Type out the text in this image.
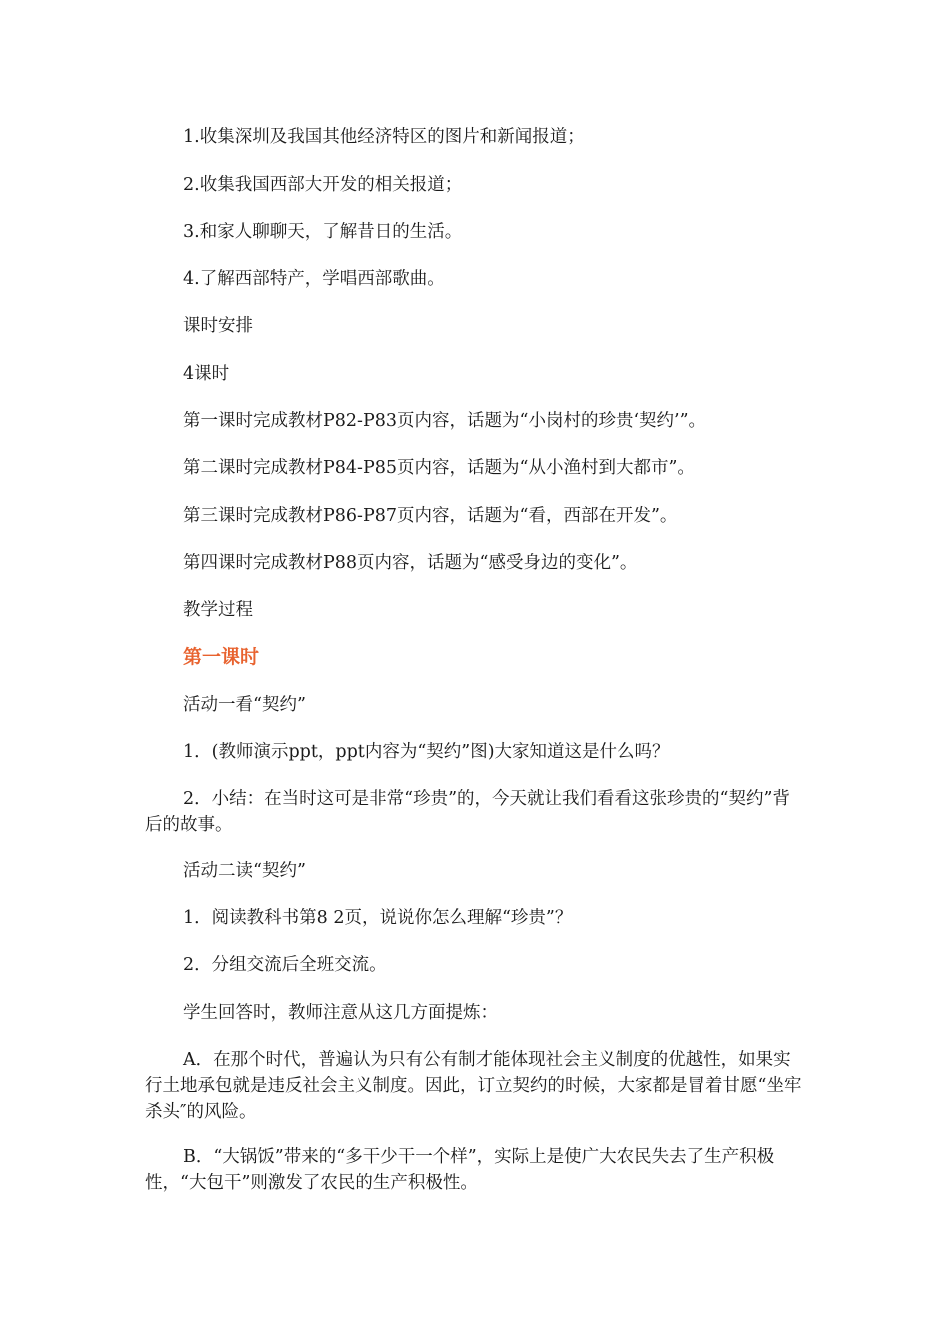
1.收集深圳及我国其他经济特区的图片和新闻报道；

2.收集我国西部大开发的相关报道；

3.和家人聊聊天，了解昔日的生活。

4.了解西部特产，学唱西部歌曲。

课时安排

4课时

第一课时完成教材P82-P83页内容，话题为“小岗村的珍贵‘契约’”。

第二课时完成教材P84-P85页内容，话题为“从小渔村到大都市”。

第三课时完成教材P86-P87页内容，话题为“看，西部在开发”。

第四课时完成教材P88页内容，话题为“感受身边的变化”。

教学过程

第一课时

活动一看“契约”

1．(教师演示ppt，ppt内容为“契约”图)大家知道这是什么吗？

2．小结：在当时这可是非常“珍贵”的，今天就让我们看看这张珍贵的“契约”背后的故事。

活动二读“契约”

1．阅读教科书第8 2页，说说你怎么理解“珍贵”？

2．分组交流后全班交流。

学生回答时，教师注意从这几方面提炼：

A．在那个时代，普遍认为只有公有制才能体现社会主义制度的优越性，如果实行土地承包就是违反社会主义制度。因此，订立契约的时候，大家都是冒着甘愿“坐牢杀头″的风险。

B．“大锅饭”带来的“多干少干一个样”，实际上是使广大农民失去了生产积极性，“大包干”则激发了农民的生产积极性。
